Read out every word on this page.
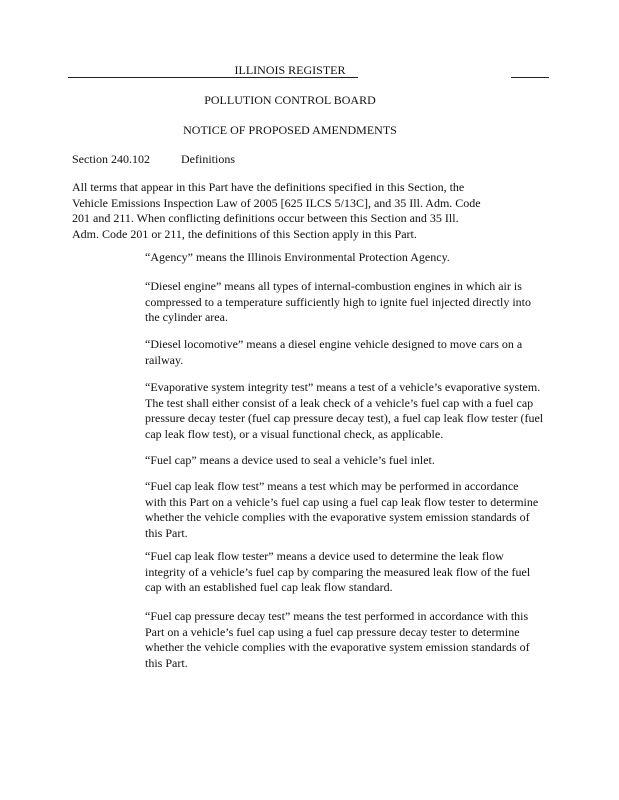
ILLINOIS REGISTER
POLLUTION CONTROL BOARD
NOTICE OF PROPOSED AMENDMENTS
Section 240.102	Definitions
All terms that appear in this Part have the definitions specified in this Section, the Vehicle Emissions Inspection Law of 2005 [625 ILCS 5/13C], and 35 Ill. Adm. Code 201 and 211. When conflicting definitions occur between this Section and 35 Ill. Adm. Code 201 or 211, the definitions of this Section apply in this Part.
“Agency” means the Illinois Environmental Protection Agency.
“Diesel engine” means all types of internal-combustion engines in which air is compressed to a temperature sufficiently high to ignite fuel injected directly into the cylinder area.
“Diesel locomotive” means a diesel engine vehicle designed to move cars on a railway.
“Evaporative system integrity test” means a test of a vehicle’s evaporative system. The test shall either consist of a leak check of a vehicle’s fuel cap with a fuel cap pressure decay tester (fuel cap pressure decay test), a fuel cap leak flow tester (fuel cap leak flow test), or a visual functional check, as applicable.
“Fuel cap” means a device used to seal a vehicle’s fuel inlet.
“Fuel cap leak flow test” means a test which may be performed in accordance with this Part on a vehicle’s fuel cap using a fuel cap leak flow tester to determine whether the vehicle complies with the evaporative system emission standards of this Part.
“Fuel cap leak flow tester” means a device used to determine the leak flow integrity of a vehicle’s fuel cap by comparing the measured leak flow of the fuel cap with an established fuel cap leak flow standard.
“Fuel cap pressure decay test” means the test performed in accordance with this Part on a vehicle’s fuel cap using a fuel cap pressure decay tester to determine whether the vehicle complies with the evaporative system emission standards of this Part.
